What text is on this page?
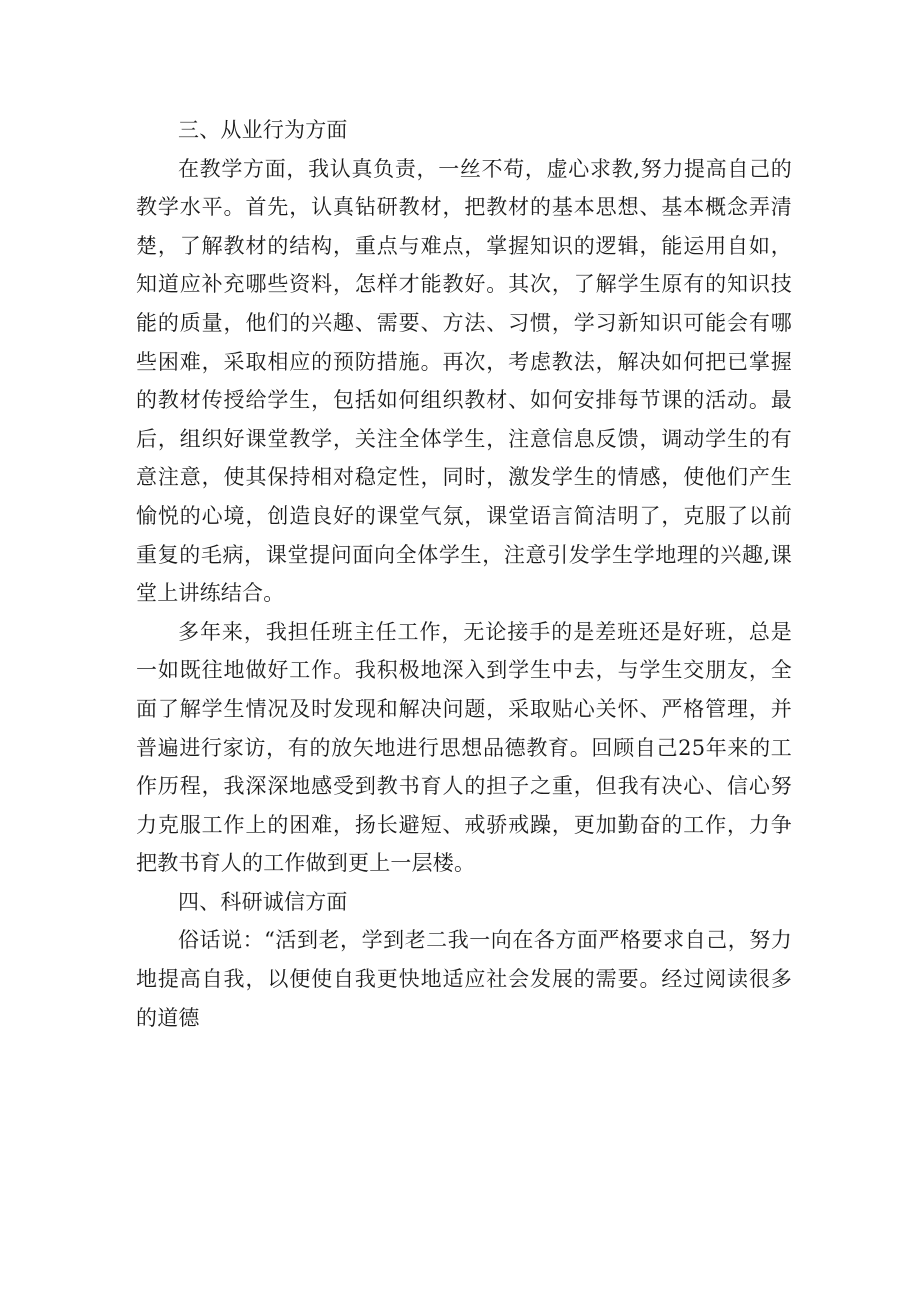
三、从业行为方面

在教学方面，我认真负责，一丝不苟，虚心求教,努力提高自己的教学水平。首先，认真钻研教材，把教材的基本思想、基本概念弄清楚，了解教材的结构，重点与难点，掌握知识的逻辑，能运用自如，知道应补充哪些资料，怎样才能教好。其次，了解学生原有的知识技能的质量，他们的兴趣、需要、方法、习惯，学习新知识可能会有哪些困难，采取相应的预防措施。再次，考虑教法，解决如何把已掌握的教材传授给学生，包括如何组织教材、如何安排每节课的活动。最后，组织好课堂教学，关注全体学生，注意信息反馈，调动学生的有意注意，使其保持相对稳定性，同时，激发学生的情感，使他们产生愉悦的心境，创造良好的课堂气氛，课堂语言简洁明了，克服了以前重复的毛病，课堂提问面向全体学生，注意引发学生学地理的兴趣,课堂上讲练结合。

多年来，我担任班主任工作，无论接手的是差班还是好班，总是一如既往地做好工作。我积极地深入到学生中去，与学生交朋友，全面了解学生情况及时发现和解决问题，采取贴心关怀、严格管理，并普遍进行家访，有的放矢地进行思想品德教育。回顾自己25年来的工作历程，我深深地感受到教书育人的担子之重，但我有决心、信心努力克服工作上的困难，扬长避短、戒骄戒躁，更加勤奋的工作，力争把教书育人的工作做到更上一层楼。

四、科研诚信方面

俗话说：“活到老，学到老二我一向在各方面严格要求自己，努力地提高自我，以便使自我更快地适应社会发展的需要。经过阅读很多的道德
